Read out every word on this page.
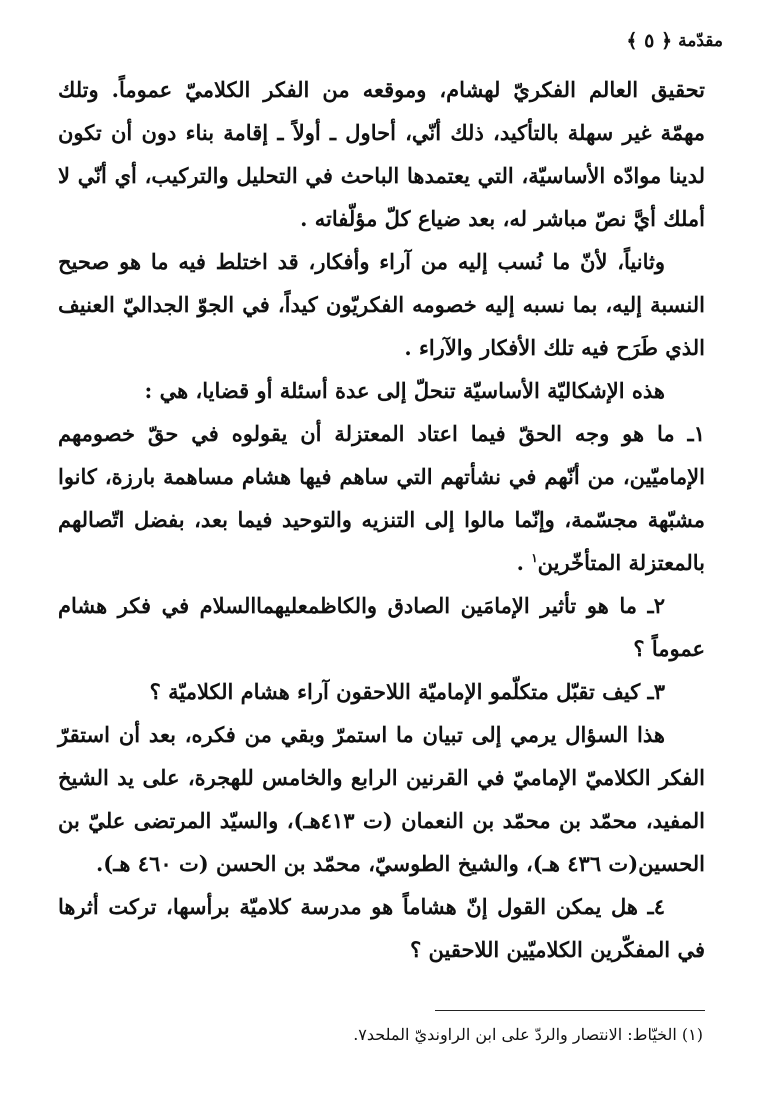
مقدّمة
﴿ ٥ ﴾

تحقيق العالم الفكريّ لهشام، وموقعه من الفكر الكلاميّ عموماً. وتلك مهمّة غير سهلة بالتأكيد، ذلك أنّي، أحاول ـ أولاً ـ إقامة بناء دون أن تكون لدينا موادّه الأساسيّة، التي يعتمدها الباحث في التحليل والتركيب، أي أنّي لا أملك أيَّ نصّ مباشر له، بعد ضياع كلّ مؤلّفاته .

وثانياً، لأنّ ما نُسب إليه من آراء وأفكار، قد اختلط فيه ما هو صحيح النسبة إليه، بما نسبه إليه خصومه الفكريّون كيداً، في الجوّ الجداليّ العنيف الذي طَرَح فيه تلك الأفكار والآراء .

هذه الإشكاليّة الأساسيّة تنحلّ إلى عدة أسئلة أو قضايا، هي :

١ـ ما هو وجه الحقّ فيما اعتاد المعتزلة أن يقولوه في حقّ خصومهم الإماميّين، من أنّهم في نشأتهم التي ساهم فيها هشام مساهمة بارزة، كانوا مشبّهة مجسّمة، وإنّما مالوا إلى التنزيه والتوحيد فيما بعد، بفضل اتّصالهم بالمعتزلة المتأخّرين$^١$ .

٢ـ ما هو تأثير الإمامَين الصادق والكاظمعليهما‌السلام في فكر هشام عموماً ؟

٣ـ كيف تقبّل متكلّمو الإماميّة اللاحقون آراء هشام الكلاميّة ؟

هذا السؤال يرمي إلى تبيان ما استمرّ وبقي من فكره، بعد أن استقرّ الفكر الكلاميّ الإماميّ في القرنين الرابع والخامس للهجرة، على يد الشيخ المفيد، محمّد بن محمّد بن النعمان (ت ٤١٣هـ)، والسيّد المرتضى عليّ بن الحسين(ت ٤٣٦ هـ)، والشيخ الطوسيّ، محمّد بن الحسن (ت ٤٦٠ هـ).

٤ـ هل يمكن القول إنّ هشاماً هو مدرسة كلاميّة برأسها، تركت أثرها في المفكّرين الكلاميّين اللاحقين ؟

(١) الخيّاط: الانتصار والردّ على ابن الراونديّ الملحد٧.
